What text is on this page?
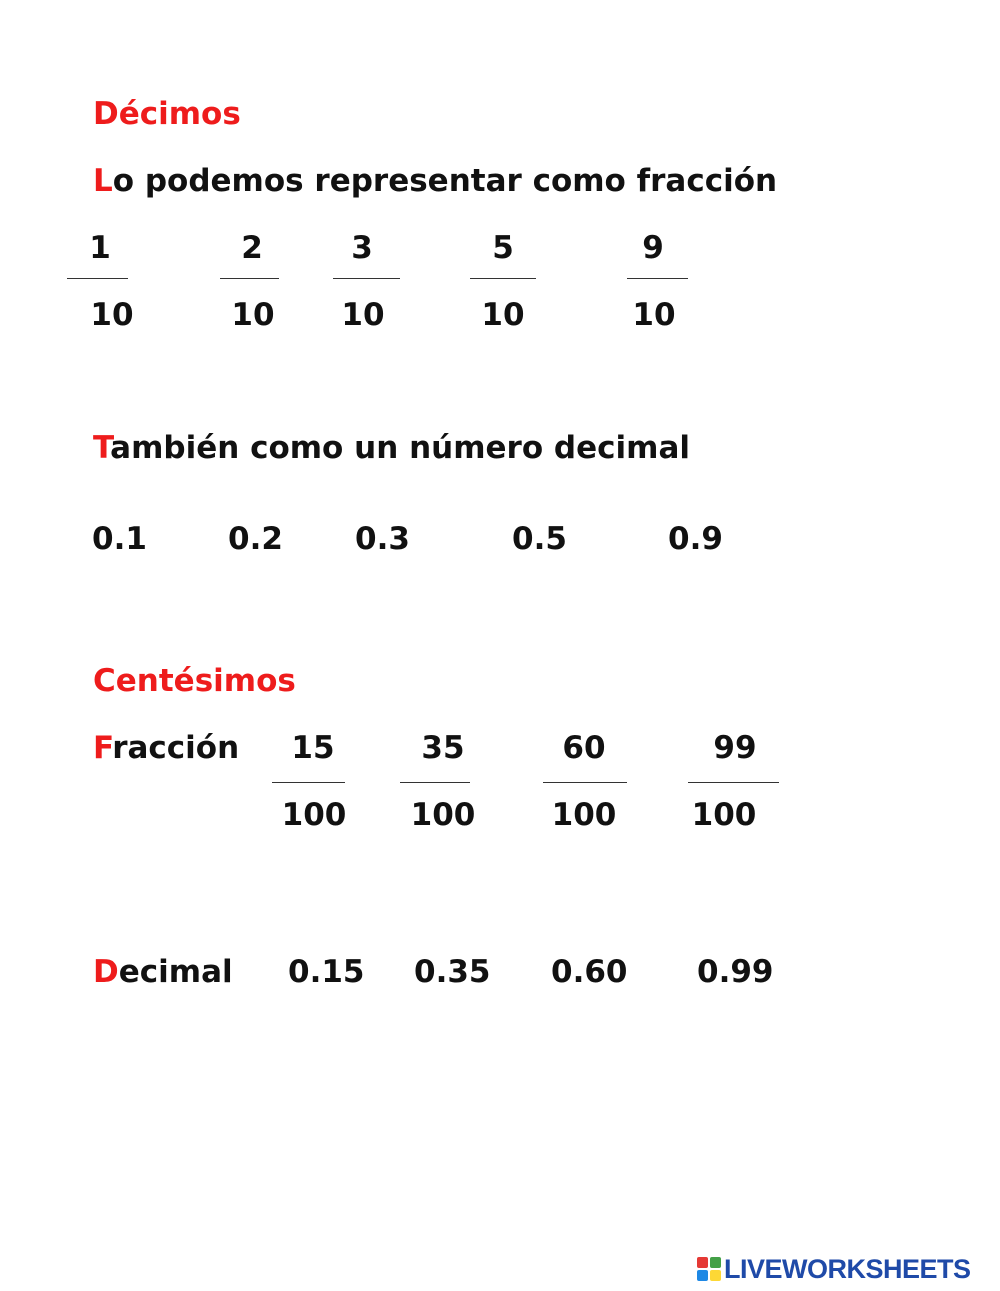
Décimos
Lo podemos representar como fracción
1
10
2
10
3
10
5
10
9
10
También como un número decimal
0.1	0.2 0.3	0.5	0.9
Centésimos
Fracción 15
100
35
100
60
100
99
100
Decimal 0.15 0.35 0.60 0.99
LIVEWORKSHEETS
